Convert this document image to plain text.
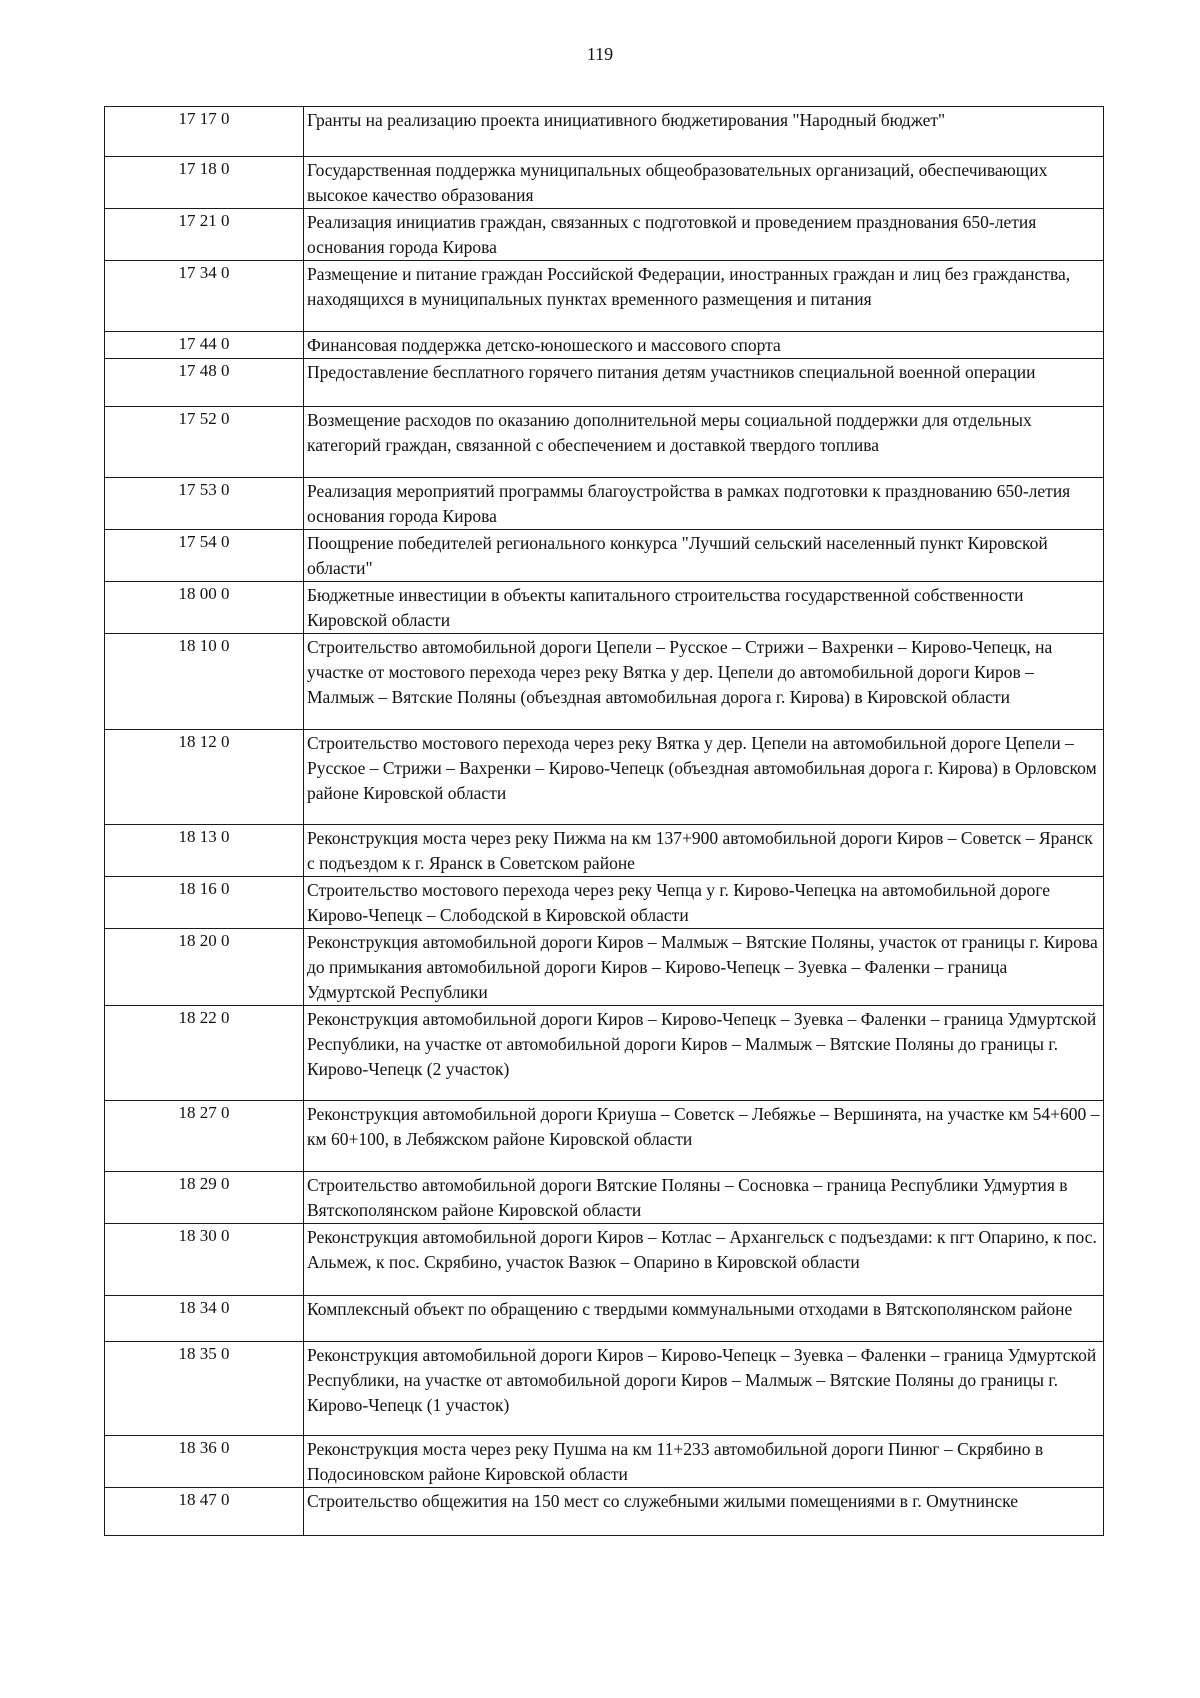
119
17 17 0	Гранты на реализацию проекта инициативного бюджетирования "Народный бюджет"
17 18 0	Государственная поддержка муниципальных общеобразовательных организаций, обеспечивающих высокое качество образования
17 21 0	Реализация инициатив граждан, связанных с подготовкой и проведением празднования 650-летия основания города Кирова
17 34 0	Размещение и питание граждан Российской Федерации, иностранных граждан и лиц без гражданства, находящихся в муниципальных пунктах временного размещения и питания
17 44 0	Финансовая поддержка детско-юношеского и массового спорта
17 48 0	Предоставление бесплатного горячего питания детям участников специальной военной операции
17 52 0	Возмещение расходов по оказанию дополнительной меры социальной поддержки для отдельных категорий граждан, связанной с обеспечением и доставкой твердого топлива
17 53 0	Реализация мероприятий программы благоустройства в рамках подготовки к празднованию 650-летия основания города Кирова
17 54 0	Поощрение победителей регионального конкурса "Лучший сельский населенный пункт Кировской области"
18 00 0	Бюджетные инвестиции в объекты капитального строительства государственной собственности Кировской области
18 10 0	Строительство автомобильной дороги Цепели – Русское – Стрижи – Вахренки – Кирово-Чепецк, на участке от мостового перехода через реку Вятка у дер. Цепели до автомобильной дороги Киров – Малмыж – Вятские Поляны (объездная автомобильная дорога г. Кирова) в Кировской области
18 12 0	Строительство мостового перехода через реку Вятка у дер. Цепели на автомобильной дороге Цепели – Русское – Стрижи – Вахренки – Кирово-Чепецк (объездная автомобильная дорога г. Кирова) в Орловском районе Кировской области
18 13 0	Реконструкция моста через реку Пижма на км 137+900 автомобильной дороги Киров – Советск – Яранск с подъездом к г. Яранск в Советском районе
18 16 0	Строительство мостового перехода через реку Чепца у г. Кирово-Чепецка на автомобильной дороге Кирово-Чепецк – Слободской в Кировской области
18 20 0	Реконструкция автомобильной дороги Киров – Малмыж – Вятские Поляны, участок от границы г. Кирова до примыкания автомобильной дороги Киров – Кирово-Чепецк – Зуевка – Фаленки – граница Удмуртской Республики
18 22 0	Реконструкция автомобильной дороги Киров – Кирово-Чепецк – Зуевка – Фаленки – граница Удмуртской Республики, на участке от автомобильной дороги Киров – Малмыж – Вятские Поляны до границы г. Кирово-Чепецк (2 участок)
18 27 0	Реконструкция автомобильной дороги Криуша – Советск – Лебяжье – Вершинята, на участке км 54+600 – км 60+100, в Лебяжском районе Кировской области
18 29 0	Строительство автомобильной дороги Вятские Поляны – Сосновка – граница Республики Удмуртия в Вятскополянском районе Кировской области
18 30 0	Реконструкция автомобильной дороги Киров – Котлас – Архангельск с подъездами: к пгт Опарино, к пос. Альмеж, к пос. Скрябино, участок Вазюк – Опарино в Кировской области
18 34 0	Комплексный объект по обращению с твердыми коммунальными отходами в Вятскополянском районе
18 35 0	Реконструкция автомобильной дороги Киров – Кирово-Чепецк – Зуевка – Фаленки – граница Удмуртской Республики, на участке от автомобильной дороги Киров – Малмыж – Вятские Поляны до границы г. Кирово-Чепецк (1 участок)
18 36 0	Реконструкция моста через реку Пушма на км 11+233 автомобильной дороги Пинюг – Скрябино в Подосиновском районе Кировской области
18 47 0	Строительство общежития на 150 мест со служебными жилыми помещениями в г. Омутнинске
